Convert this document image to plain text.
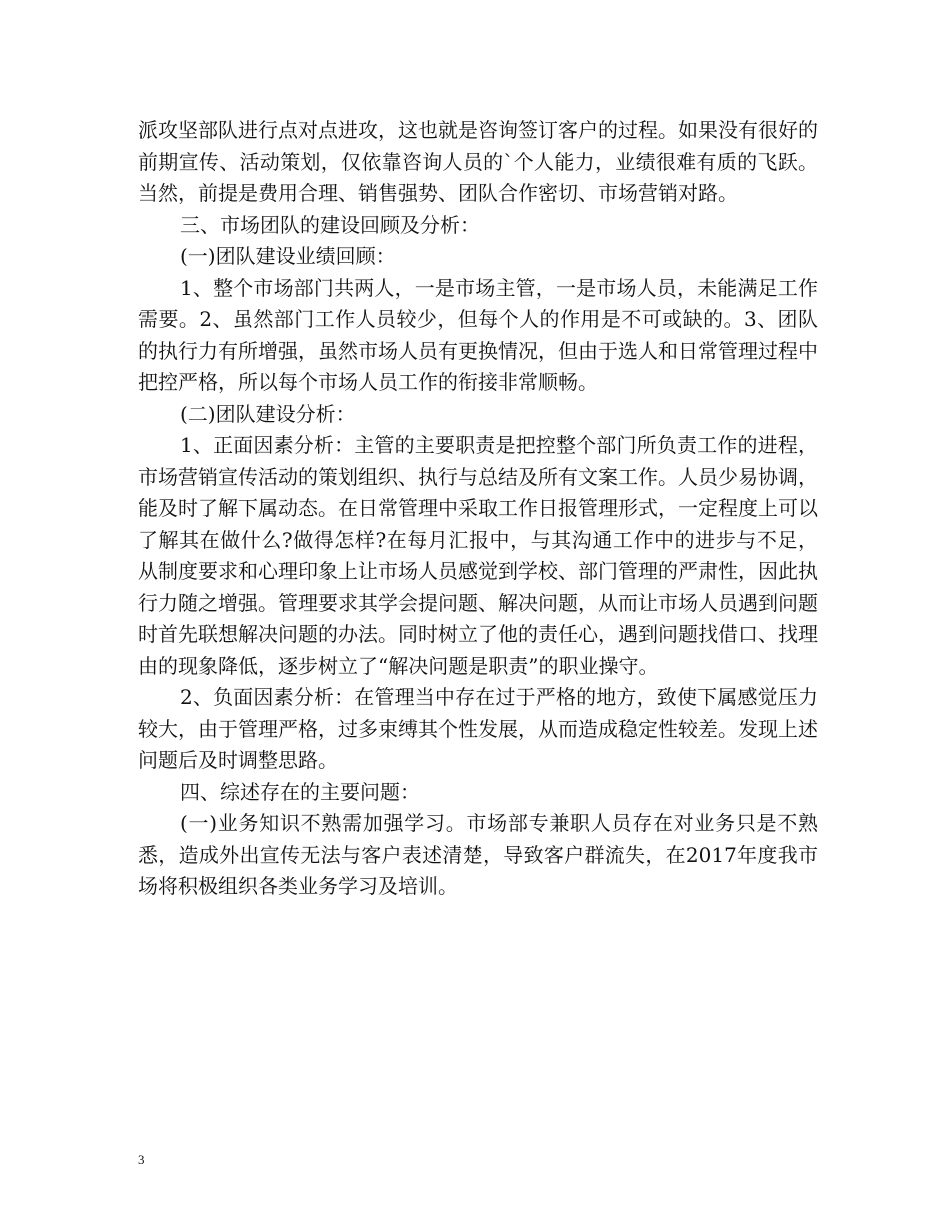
派攻坚部队进行点对点进攻，这也就是咨询签订客户的过程。如果没有很好的前期宣传、活动策划，仅依靠咨询人员的`个人能力，业绩很难有质的飞跃。当然，前提是费用合理、销售强势、团队合作密切、市场营销对路。

三、市场团队的建设回顾及分析：

(一)团队建设业绩回顾：

1、整个市场部门共两人，一是市场主管，一是市场人员，未能满足工作需要。2、虽然部门工作人员较少，但每个人的作用是不可或缺的。3、团队的执行力有所增强，虽然市场人员有更换情况，但由于选人和日常管理过程中把控严格，所以每个市场人员工作的衔接非常顺畅。

(二)团队建设分析：

1、正面因素分析：主管的主要职责是把控整个部门所负责工作的进程，市场营销宣传活动的策划组织、执行与总结及所有文案工作。人员少易协调，能及时了解下属动态。在日常管理中采取工作日报管理形式，一定程度上可以了解其在做什么?做得怎样?在每月汇报中，与其沟通工作中的进步与不足，从制度要求和心理印象上让市场人员感觉到学校、部门管理的严肃性，因此执行力随之增强。管理要求其学会提问题、解决问题，从而让市场人员遇到问题时首先联想解决问题的办法。同时树立了他的责任心，遇到问题找借口、找理由的现象降低，逐步树立了“解决问题是职责”的职业操守。

2、负面因素分析：在管理当中存在过于严格的地方，致使下属感觉压力较大，由于管理严格，过多束缚其个性发展，从而造成稳定性较差。发现上述问题后及时调整思路。

四、综述存在的主要问题：

(一)业务知识不熟需加强学习。市场部专兼职人员存在对业务只是不熟悉，造成外出宣传无法与客户表述清楚，导致客户群流失，在2017年度我市场将积极组织各类业务学习及培训。

3
